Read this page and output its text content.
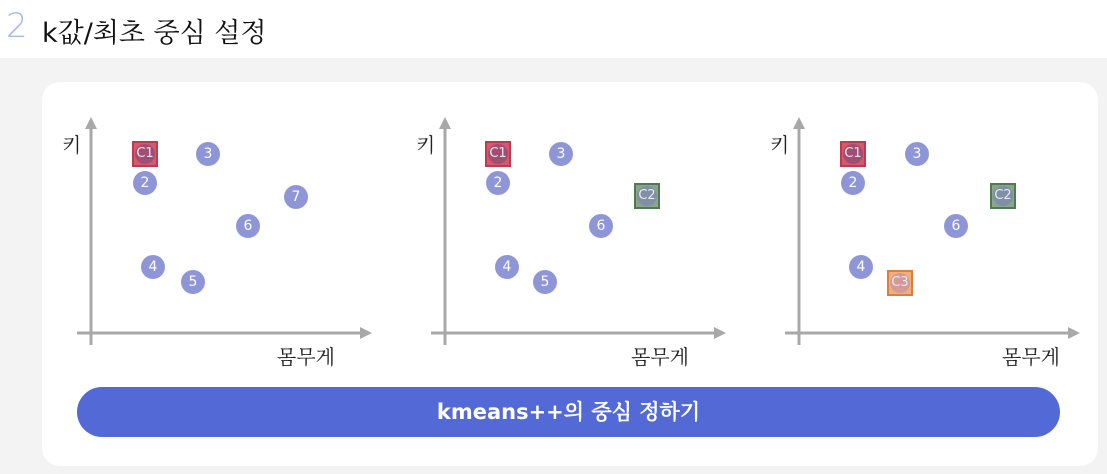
2 k값/최초 중심 설정
키
몸무게
C1
2
3
4
5
6
7
키
몸무게
C1
C2
2
3
4
5
6
키
몸무게
C1
C2
C3
2
3
4
6
kmeans++의 중심 정하기
